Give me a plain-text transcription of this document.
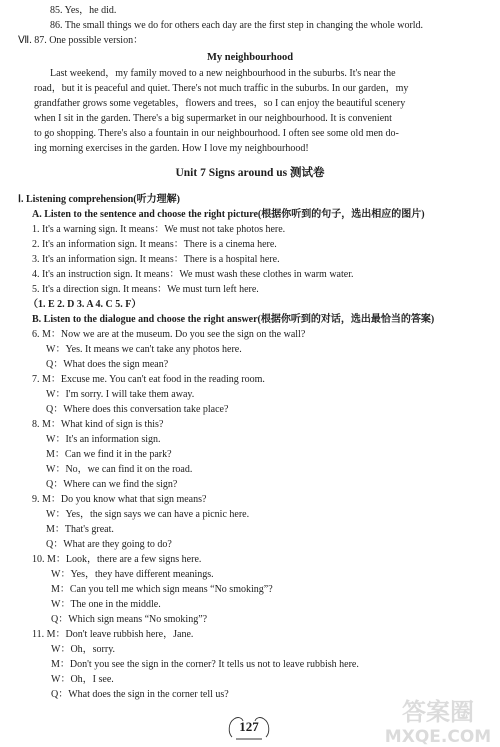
85. Yes，he did.
86. The small things we do for others each day are the first step in changing the whole world.
Ⅶ. 87. One possible version：
My neighbourhood
Last weekend，my family moved to a new neighbourhood in the suburbs. It's near the
road，but it is peaceful and quiet. There's not much traffic in the suburbs. In our garden，my
grandfather grows some vegetables，flowers and trees，so I can enjoy the beautiful scenery
when I sit in the garden. There's a big supermarket in our neighbourhood. It is convenient
to go shopping. There's also a fountain in our neighbourhood. I often see some old men do-
ing morning exercises in the garden. How I love my neighbourhood!
Unit 7 Signs around us 测试卷
Ⅰ. Listening comprehension(听力理解)
A. Listen to the sentence and choose the right picture(根据你听到的句子，选出相应的图片)
1. It's a warning sign. It means：We must not take photos here.
2. It's an information sign. It means：There is a cinema here.
3. It's an information sign. It means：There is a hospital here.
4. It's an instruction sign. It means：We must wash these clothes in warm water.
5. It's a direction sign. It means：We must turn left here.
（1. E 2. D 3. A 4. C 5. F）
B. Listen to the dialogue and choose the right answer(根据你听到的对话，选出最恰当的答案)
6. M：Now we are at the museum. Do you see the sign on the wall?
W：Yes. It means we can't take any photos here.
Q：What does the sign mean?
7. M：Excuse me. You can't eat food in the reading room.
W：I'm sorry. I will take them away.
Q：Where does this conversation take place?
8. M：What kind of sign is this?
W：It's an information sign.
M：Can we find it in the park?
W：No，we can find it on the road.
Q：Where can we find the sign?
9. M：Do you know what that sign means?
W：Yes，the sign says we can have a picnic here.
M：That's great.
Q：What are they going to do?
10. M：Look，there are a few signs here.
W：Yes，they have different meanings.
M：Can you tell me which sign means “No smoking”?
W：The one in the middle.
Q：Which sign means “No smoking”?
11. M：Don't leave rubbish here，Jane.
W：Oh，sorry.
M：Don't you see the sign in the corner? It tells us not to leave rubbish here.
W：Oh，I see.
Q：What does the sign in the corner tell us?
127
答案圈
MXQE.COM
